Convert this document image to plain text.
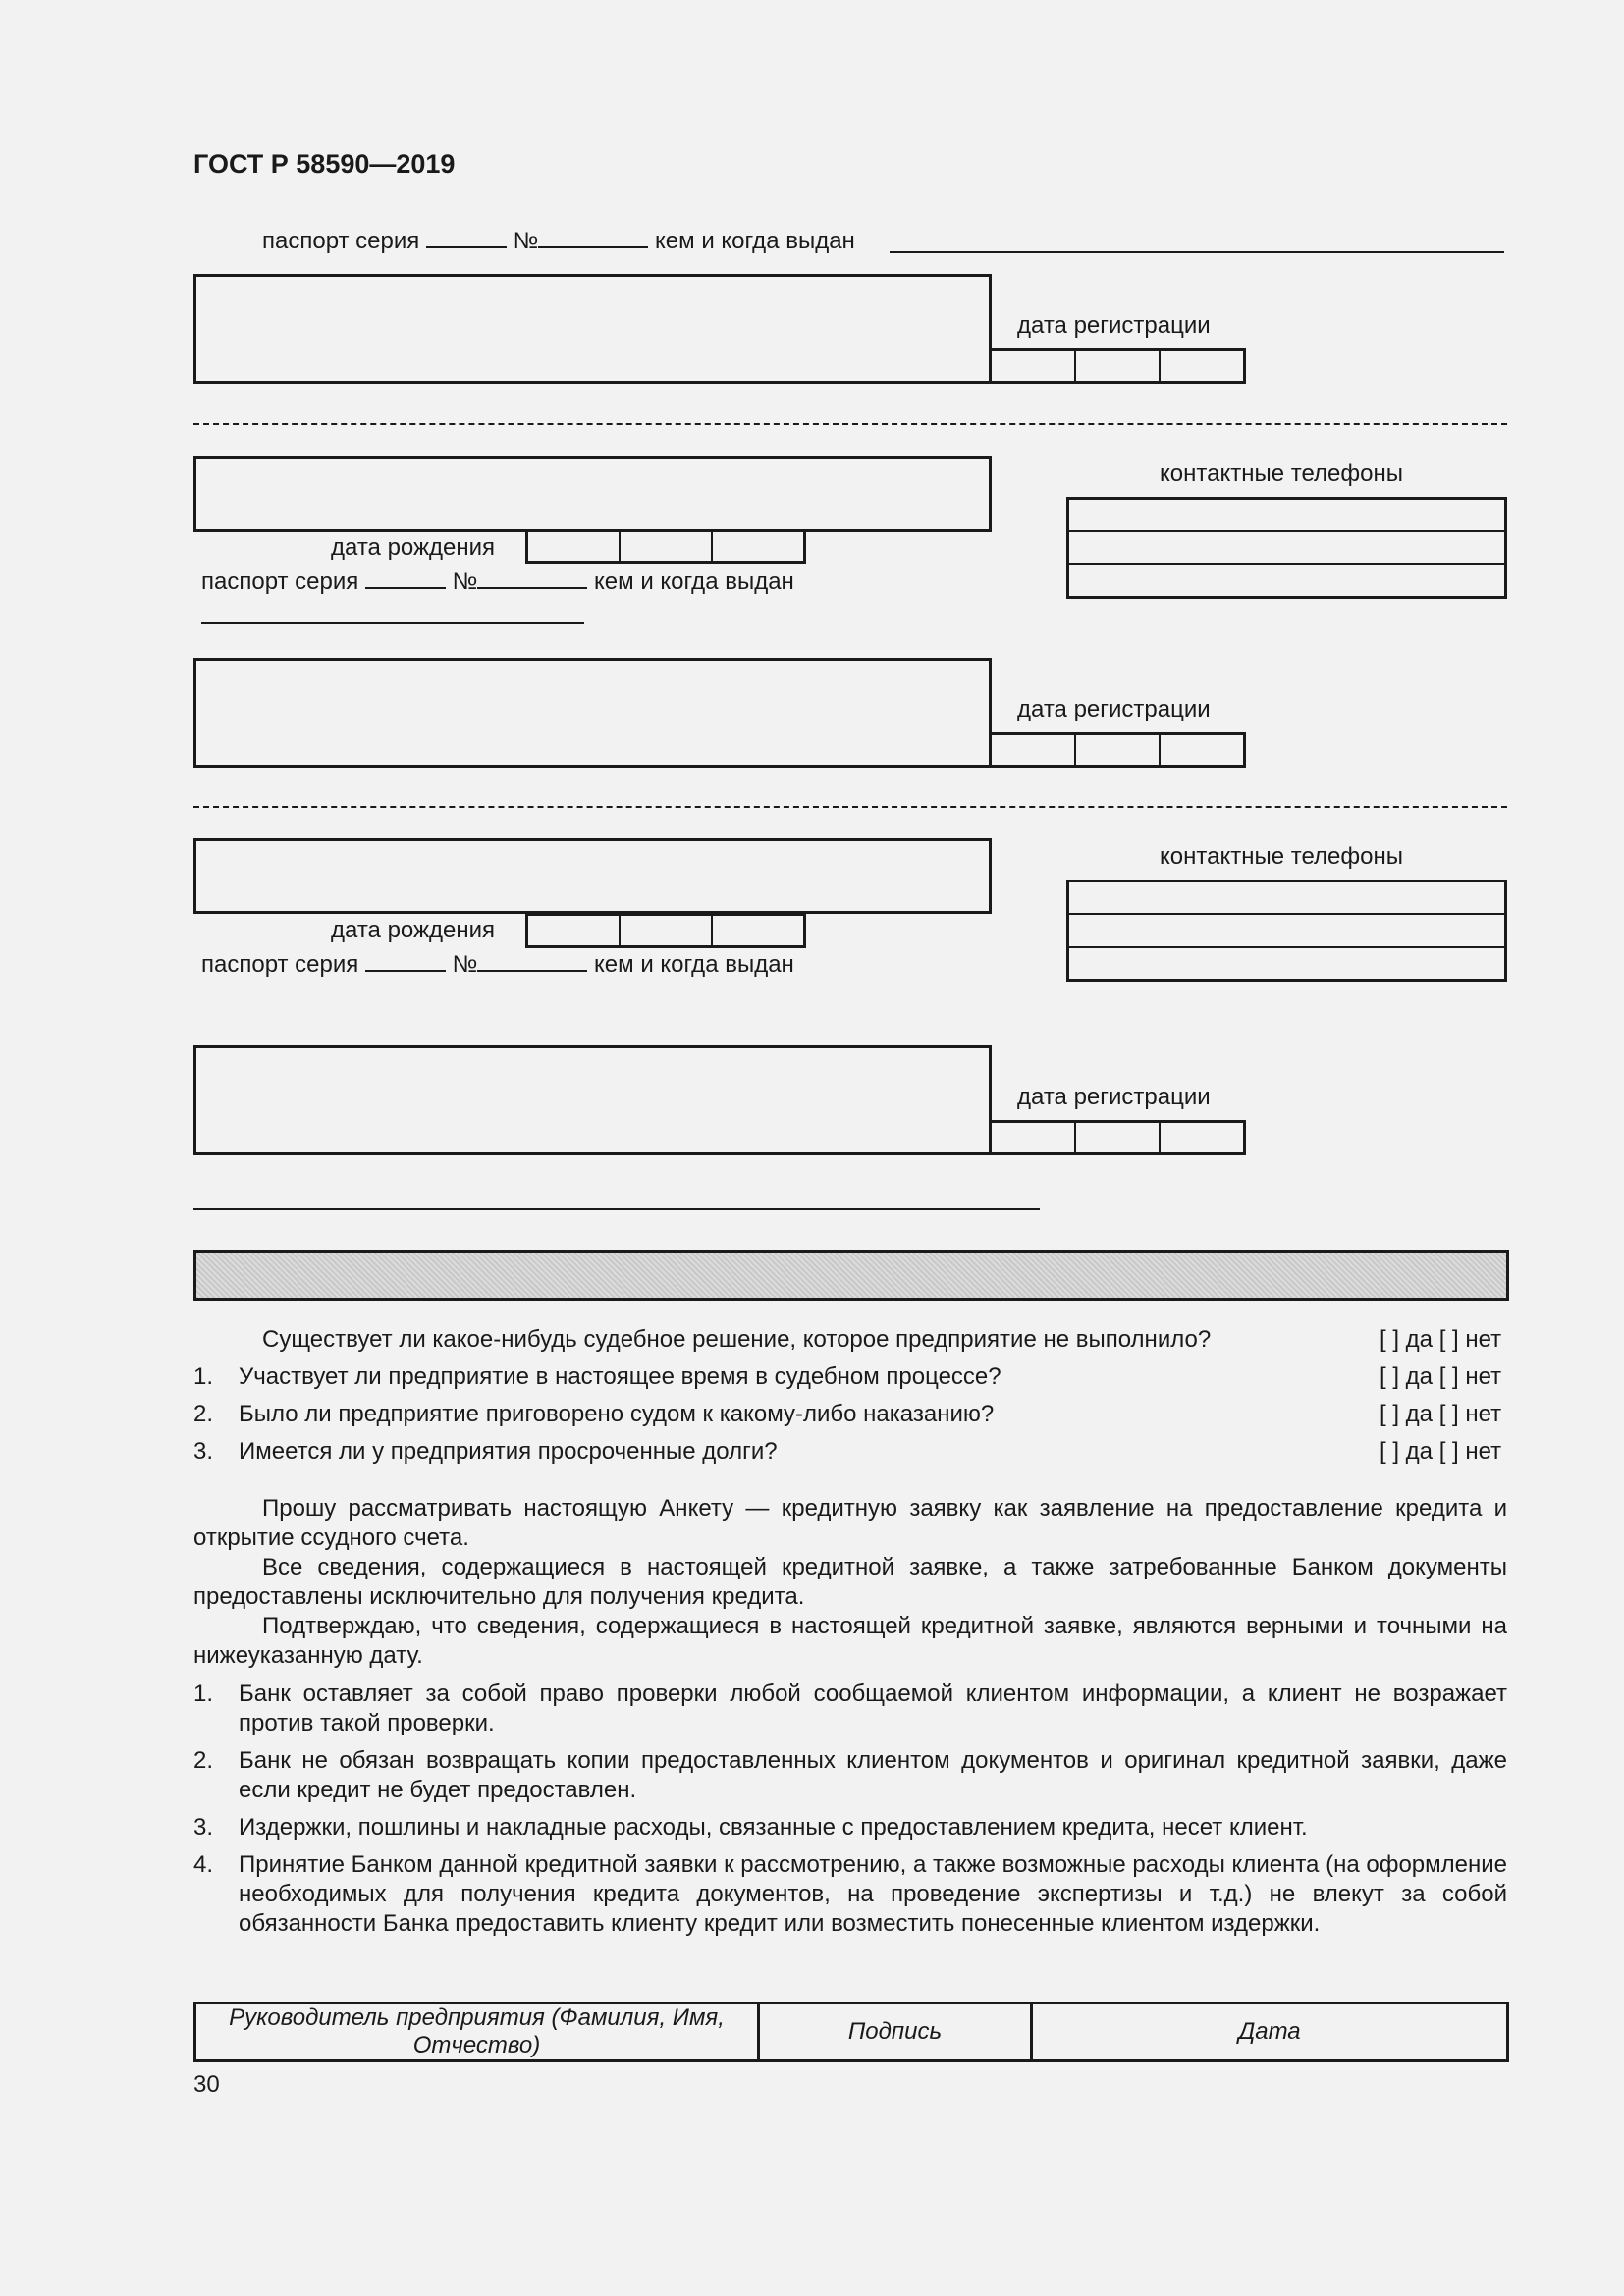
ГОСТ Р 58590—2019
паспорт серия	№	кем и когда выдан
дата регистрации
контактные телефоны
дата рождения
паспорт серия	№	кем и когда выдан
дата регистрации
контактные телефоны
дата рождения
паспорт серия	№	кем и когда выдан
дата регистрации
Существует ли какое-нибудь судебное решение, которое предприятие не выполнило?	[ ] да [ ] нет
1. Участвует ли предприятие в настоящее время в судебном процессе?	[ ] да [ ] нет
2. Было ли предприятие приговорено судом к какому-либо наказанию?	[ ] да [ ] нет
3. Имеется ли у предприятия просроченные долги?	[ ] да [ ] нет
Прошу рассматривать настоящую Анкету — кредитную заявку как заявление на предоставление кредита и открытие ссудного счета.
Все сведения, содержащиеся в настоящей кредитной заявке, а также затребованные Банком документы предоставлены исключительно для получения кредита.
Подтверждаю, что сведения, содержащиеся в настоящей кредитной заявке, являются верными и точными на нижеуказанную дату.
1. Банк оставляет за собой право проверки любой сообщаемой клиентом информации, а клиент не возражает против такой проверки.
2. Банк не обязан возвращать копии предоставленных клиентом документов и оригинал кредитной заявки, даже если кредит не будет предоставлен.
3. Издержки, пошлины и накладные расходы, связанные с предоставлением кредита, несет клиент.
4. Принятие Банком данной кредитной заявки к рассмотрению, а также возможные расходы клиента (на оформление необходимых для получения кредита документов, на проведение экспертизы и т.д.) не влекут за собой обязанности Банка предоставить клиенту кредит или возместить понесенные клиентом издержки.
Руководитель предприятия (Фамилия, Имя, Отчество)	Подпись	Дата
30
